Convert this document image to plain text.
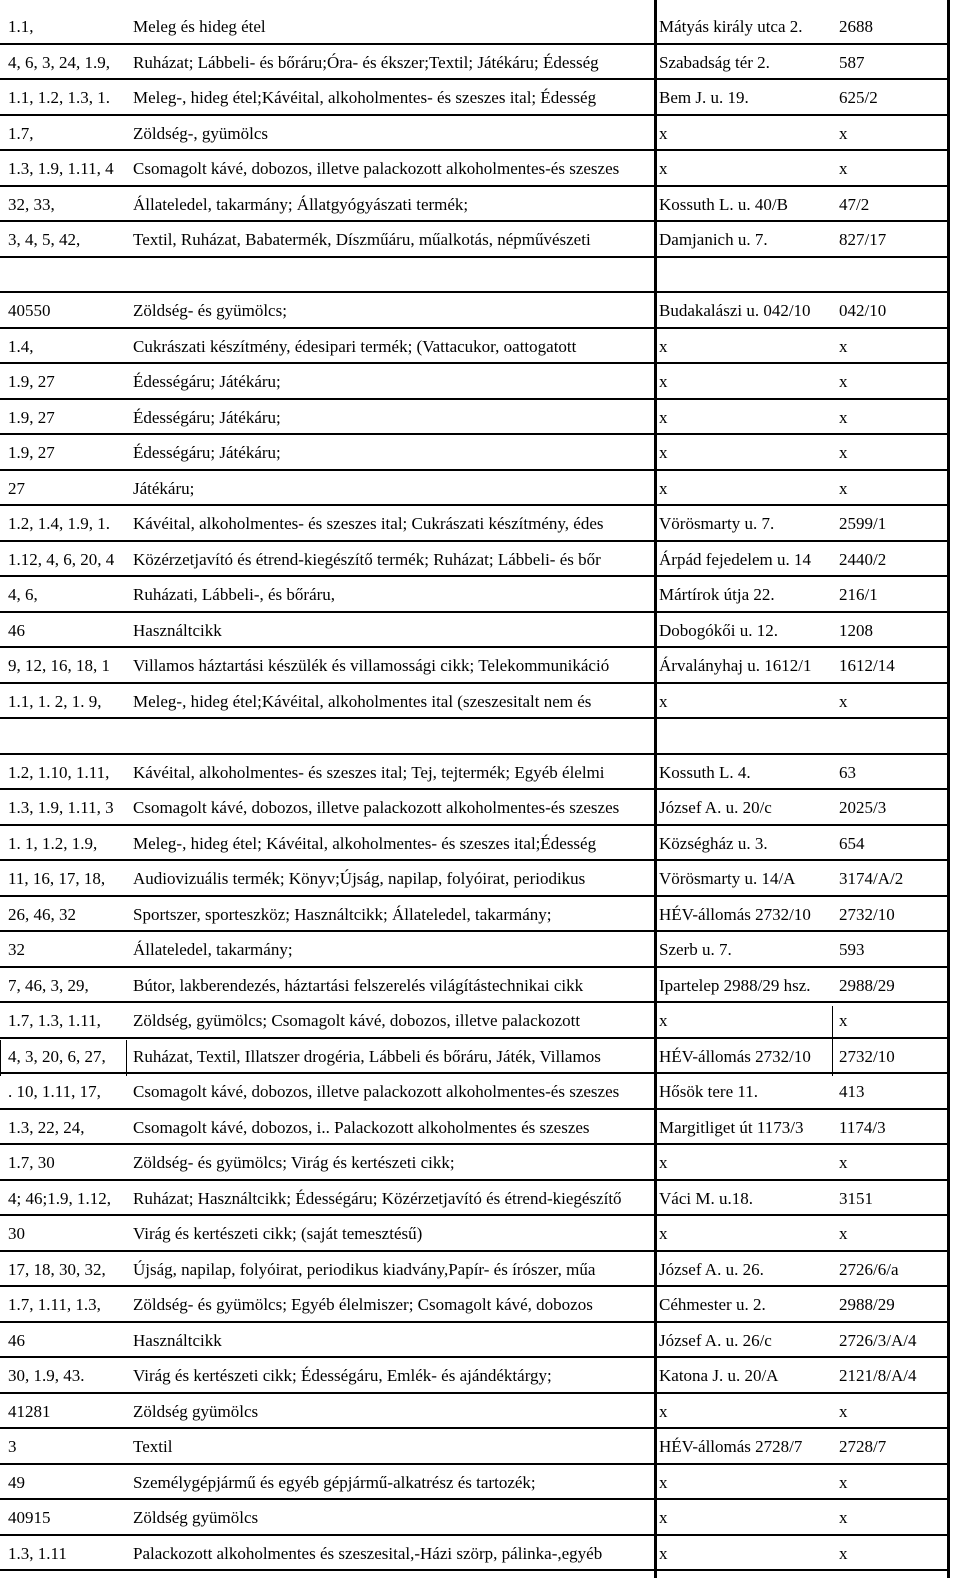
1.1,	Meleg és hideg étel	Mátyás király utca 2.	2688
4, 6, 3, 24, 1.9,	Ruházat; Lábbeli- és bőráru;Óra- és ékszer;Textil; Játékáru; Édesség	Szabadság tér 2.	587
1.1, 1.2, 1.3, 1.	Meleg-, hideg étel;Kávéital, alkoholmentes- és szeszes ital; Édesség	Bem J. u. 19.	625/2
1.7,	Zöldség-, gyümölcs	x	x
1.3, 1.9, 1.11, 4	Csomagolt kávé, dobozos, illetve palackozott alkoholmentes-és szeszes	x	x
32, 33,	Állateledel, takarmány; Állatgyógyászati termék;	Kossuth L. u. 40/B	47/2
3, 4, 5, 42,	Textil, Ruházat, Babatermék, Díszműáru, műalkotás, népművészeti	Damjanich u. 7.	827/17
40550	Zöldség- és gyümölcs;	Budakalászi u. 042/10	042/10
1.4,	Cukrászati készítmény, édesipari termék; (Vattacukor, oattogatott	x	x
1.9, 27	Édességáru; Játékáru;	x	x
1.9, 27	Édességáru; Játékáru;	x	x
1.9, 27	Édességáru; Játékáru;	x	x
27	Játékáru;	x	x
1.2, 1.4, 1.9, 1.	Kávéital, alkoholmentes- és szeszes ital; Cukrászati készítmény, édes	Vörösmarty u. 7.	2599/1
1.12, 4, 6, 20, 4	Közérzetjavító és étrend-kiegészítő termék; Ruházat; Lábbeli- és bőr	Árpád fejedelem u. 14	2440/2
4, 6,	Ruházati, Lábbeli-, és bőráru,	Mártírok útja 22.	216/1
46	Használtcikk	Dobogókői u. 12.	1208
9, 12, 16, 18, 1	Villamos háztartási készülék és villamossági cikk; Telekommunikáció	Árvalányhaj u. 1612/1	1612/14
1.1, 1. 2, 1. 9,	Meleg-, hideg étel;Kávéital, alkoholmentes ital (szeszesitalt nem és	x	x
1.2, 1.10, 1.11,	Kávéital, alkoholmentes- és szeszes ital; Tej, tejtermék; Egyéb élelmi	Kossuth L. 4.	63
1.3, 1.9, 1.11, 3	Csomagolt kávé, dobozos, illetve palackozott alkoholmentes-és szeszes	József A. u. 20/c	2025/3
1. 1, 1.2, 1.9,	Meleg-, hideg étel; Kávéital, alkoholmentes- és szeszes ital;Édesség	Községház u. 3.	654
11, 16, 17, 18,	Audiovizuális termék; Könyv;Újság, napilap, folyóirat, periodikus	Vörösmarty u. 14/A	3174/A/2
26, 46, 32	Sportszer, sporteszköz; Használtcikk; Állateledel, takarmány;	HÉV-állomás 2732/10	2732/10
32	Állateledel, takarmány;	Szerb u. 7.	593
7, 46, 3, 29,	Bútor, lakberendezés, háztartási felszerelés világítástechnikai cikk	Ipartelep 2988/29 hsz.	2988/29
1.7, 1.3, 1.11,	Zöldség, gyümölcs; Csomagolt kávé, dobozos, illetve palackozott	x	x
4, 3, 20, 6, 27,	Ruházat, Textil, Illatszer drogéria, Lábbeli és bőráru, Játék, Villamos	HÉV-állomás 2732/10	2732/10
. 10, 1.11, 17,	Csomagolt kávé, dobozos, illetve palackozott alkoholmentes-és szeszes	Hősök tere 11.	413
1.3, 22, 24,	Csomagolt kávé, dobozos, i.. Palackozott alkoholmentes és szeszes	Margitliget út 1173/3	1174/3
1.7, 30	Zöldség- és gyümölcs; Virág és kertészeti cikk;	x	x
4; 46;1.9, 1.12,	Ruházat; Használtcikk; Édességáru; Közérzetjavító és étrend-kiegészítő	Váci M. u.18.	3151
30	Virág és kertészeti cikk; (saját temesztésű)	x	x
17, 18, 30, 32,	Újság, napilap, folyóirat, periodikus kiadvány,Papír- és írószer, műa	József A. u. 26.	2726/6/a
1.7, 1.11, 1.3,	Zöldség- és gyümölcs; Egyéb élelmiszer; Csomagolt kávé, dobozos	Céhmester u. 2.	2988/29
46	Használtcikk	József A. u. 26/c	2726/3/A/4
30, 1.9, 43.	Virág és kertészeti cikk; Édességáru, Emlék- és ajándéktárgy;	Katona J. u. 20/A	2121/8/A/4
41281	Zöldség gyümölcs	x	x
3	Textil	HÉV-állomás 2728/7	2728/7
49	Személygépjármű és egyéb gépjármű-alkatrész és tartozék;	x	x
40915	Zöldség gyümölcs	x	x
1.3, 1.11	Palackozott alkoholmentes és szeszesital,-Házi szörp, pálinka-,egyéb	x	x
